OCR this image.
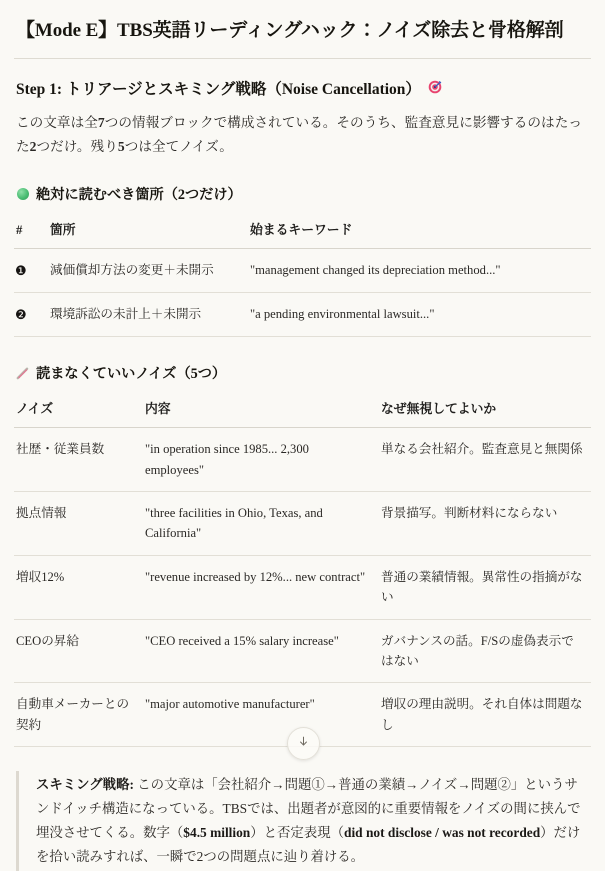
【Mode E】TBS英語リーディングハック：ノイズ除去と骨格解剖
Step 1: トリアージとスキミング戦略（Noise Cancellation）

この文章は全7つの情報ブロックで構成されている。そのうち、監査意見に影響するのはたった2つだけ。残り5つは全てノイズ。

絶対に読むべき箇所（2つだけ）
#	箇所	始まるキーワード
❶	減価償却方法の変更＋未開示	"management changed its depreciation method..."
❷	環境訴訟の未計上＋未開示	"a pending environmental lawsuit..."
読まなくていいノイズ（5つ）
ノイズ	内容	なぜ無視してよいか
社歴・従業員数	"in operation since 1985... 2,300 employees"	単なる会社紹介。監査意見と無関係
拠点情報	"three facilities in Ohio, Texas, and California"	背景描写。判断材料にならない
増収12%	"revenue increased by 12%... new contract"	普通の業績情報。異常性の指摘がない
CEOの昇給	"CEO received a 15% salary increase"	ガバナンスの話。F/Sの虚偽表示ではない
自動車メーカーとの契約	"major automotive manufacturer"	増収の理由説明。それ自体は問題なし
スキミング戦略: この文章は「会社紹介→問題①→普通の業績→ノイズ→問題②」というサンドイッチ構造になっている。TBSでは、出題者が意図的に重要情報をノイズの間に挟んで埋没させてくる。数字（$4.5 million）と否定表現（did not disclose / was not recorded）だけを拾い読みすれば、一瞬で2つの問題点に辿り着ける。
